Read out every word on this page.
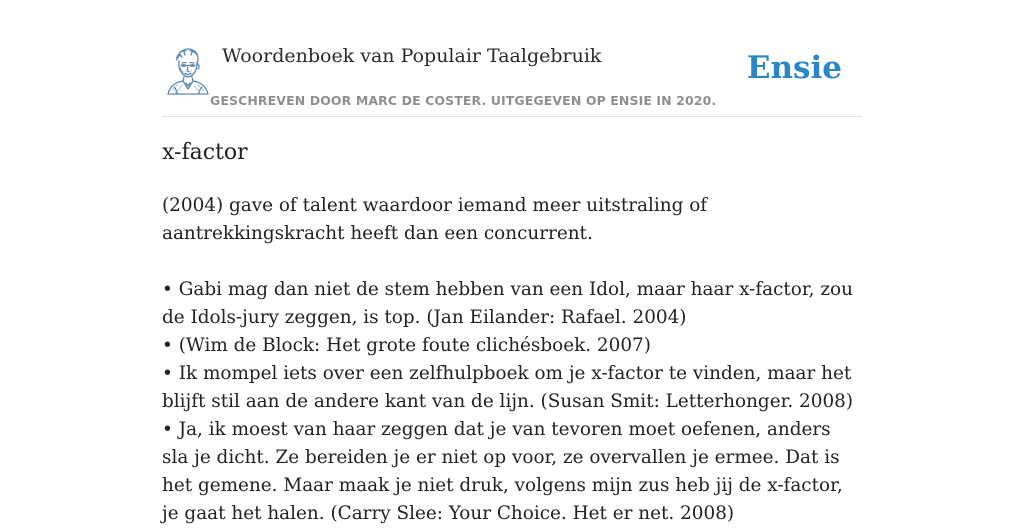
Woordenboek van Populair Taalgebruik
GESCHREVEN DOOR MARC DE COSTER. UITGEGEVEN OP ENSIE IN 2020.
Ensie
x-factor

(2004) gave of talent waardoor iemand meer uitstraling of aantrekkingskracht heeft dan een concurrent.

• Gabi mag dan niet de stem hebben van een Idol, maar haar x-factor, zou de Idols-jury zeggen, is top. (Jan Eilander: Rafael. 2004)
• (Wim de Block: Het grote foute clichésboek. 2007)
• Ik mompel iets over een zelfhulpboek om je x-factor te vinden, maar het blijft stil aan de andere kant van de lijn. (Susan Smit: Letterhonger. 2008)
• Ja, ik moest van haar zeggen dat je van tevoren moet oefenen, anders sla je dicht. Ze bereiden je er niet op voor, ze overvallen je ermee. Dat is het gemene. Maar maak je niet druk, volgens mijn zus heb jij de x-factor, je gaat het halen. (Carry Slee: Your Choice. Het er net. 2008)
